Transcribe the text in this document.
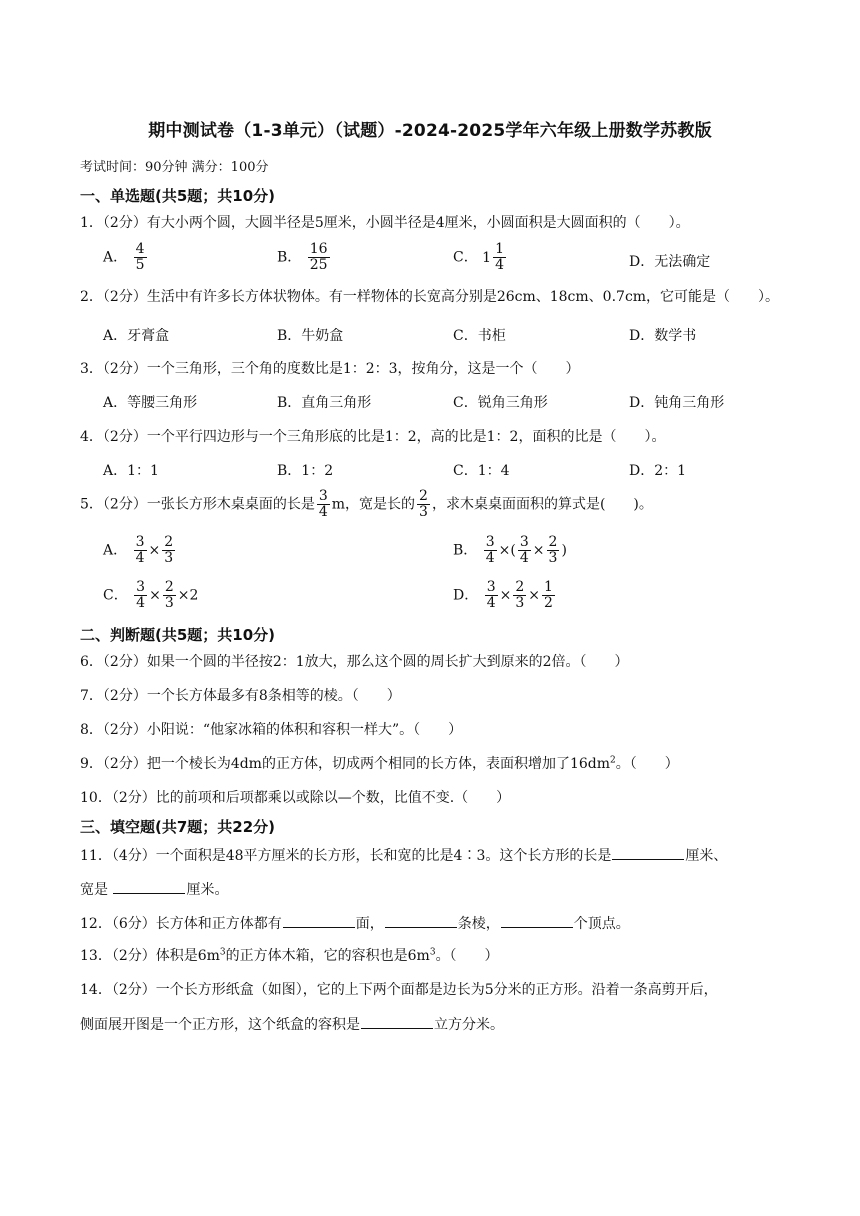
期中测试卷（1-3单元）（试题）-2024-2025学年六年级上册数学苏教版
考试时间：90分钟 满分：100分
一、单选题(共5题；共10分)
1．（2分）有大小两个圆，大圆半径是5厘米，小圆半径是4厘米，小圆面积是大圆面积的（　　）。
A． $\frac{4}{5}$	B． $\frac{16}{25}$	C． $1 \frac{1}{4}$	D．无法确定
2．（2分）生活中有许多长方体状物体。有一样物体的长宽高分别是26cm、18cm、0.7cm，它可能是（　　）。
A．牙膏盒	B．牛奶盒	C．书柜	D．数学书
3．（2分）一个三角形，三个角的度数比是1：2：3，按角分，这是一个（　　）
A．等腰三角形	B．直角三角形	C．锐角三角形	D．钝角三角形
4．（2分）一个平行四边形与一个三角形底的比是1：2，高的比是1：2，面积的比是（　　）。
A．1：1	B．1：2	C．1：4	D．2：1
5．（2分）一张长方形木桌桌面的长是 $\frac{3}{4}$ m，宽是长的 $\frac{2}{3}$ ，求木桌桌面面积的算式是(　　)。
A． $\frac{3}{4} \times \frac{2}{3}$	B． $\frac{3}{4}$ ×( $\frac{3}{4} \times \frac{2}{3}$ )
C． $\frac{3}{4} \times \frac{2}{3} \times 2$	D． $\frac{3}{4} \times \frac{2}{3} \times \frac{1}{2}$
二、判断题(共5题；共10分)
6．（2分）如果一个圆的半径按2：1放大，那么这个圆的周长扩大到原来的2倍。（　　）
7．（2分）一个长方体最多有8条相等的棱。（　　）
8．（2分）小阳说：“他家冰箱的体积和容积一样大”。（　　）
9．（2分）把一个棱长为4dm的正方体，切成两个相同的长方体，表面积增加了$16dm^2$。（　　）
10．（2分）比的前项和后项都乘以或除以—个数，比值不变.（　　）
三、填空题(共7题；共22分)
11．（4分）一个面积是48平方厘米的长方形，长和宽的比是4∶3。这个长方形的长是	厘米、
宽是	厘米。
12．（6分）长方体和正方体都有	面，	条棱，	个顶点。
13．（2分）体积是$6m^3$的正方体木箱，它的容积也是$6m^3$。（　　）
14．（2分）一个长方形纸盒（如图），它的上下两个面都是边长为5分米的正方形。沿着一条高剪开后，
侧面展开图是一个正方形，这个纸盒的容积是	立方分米。
